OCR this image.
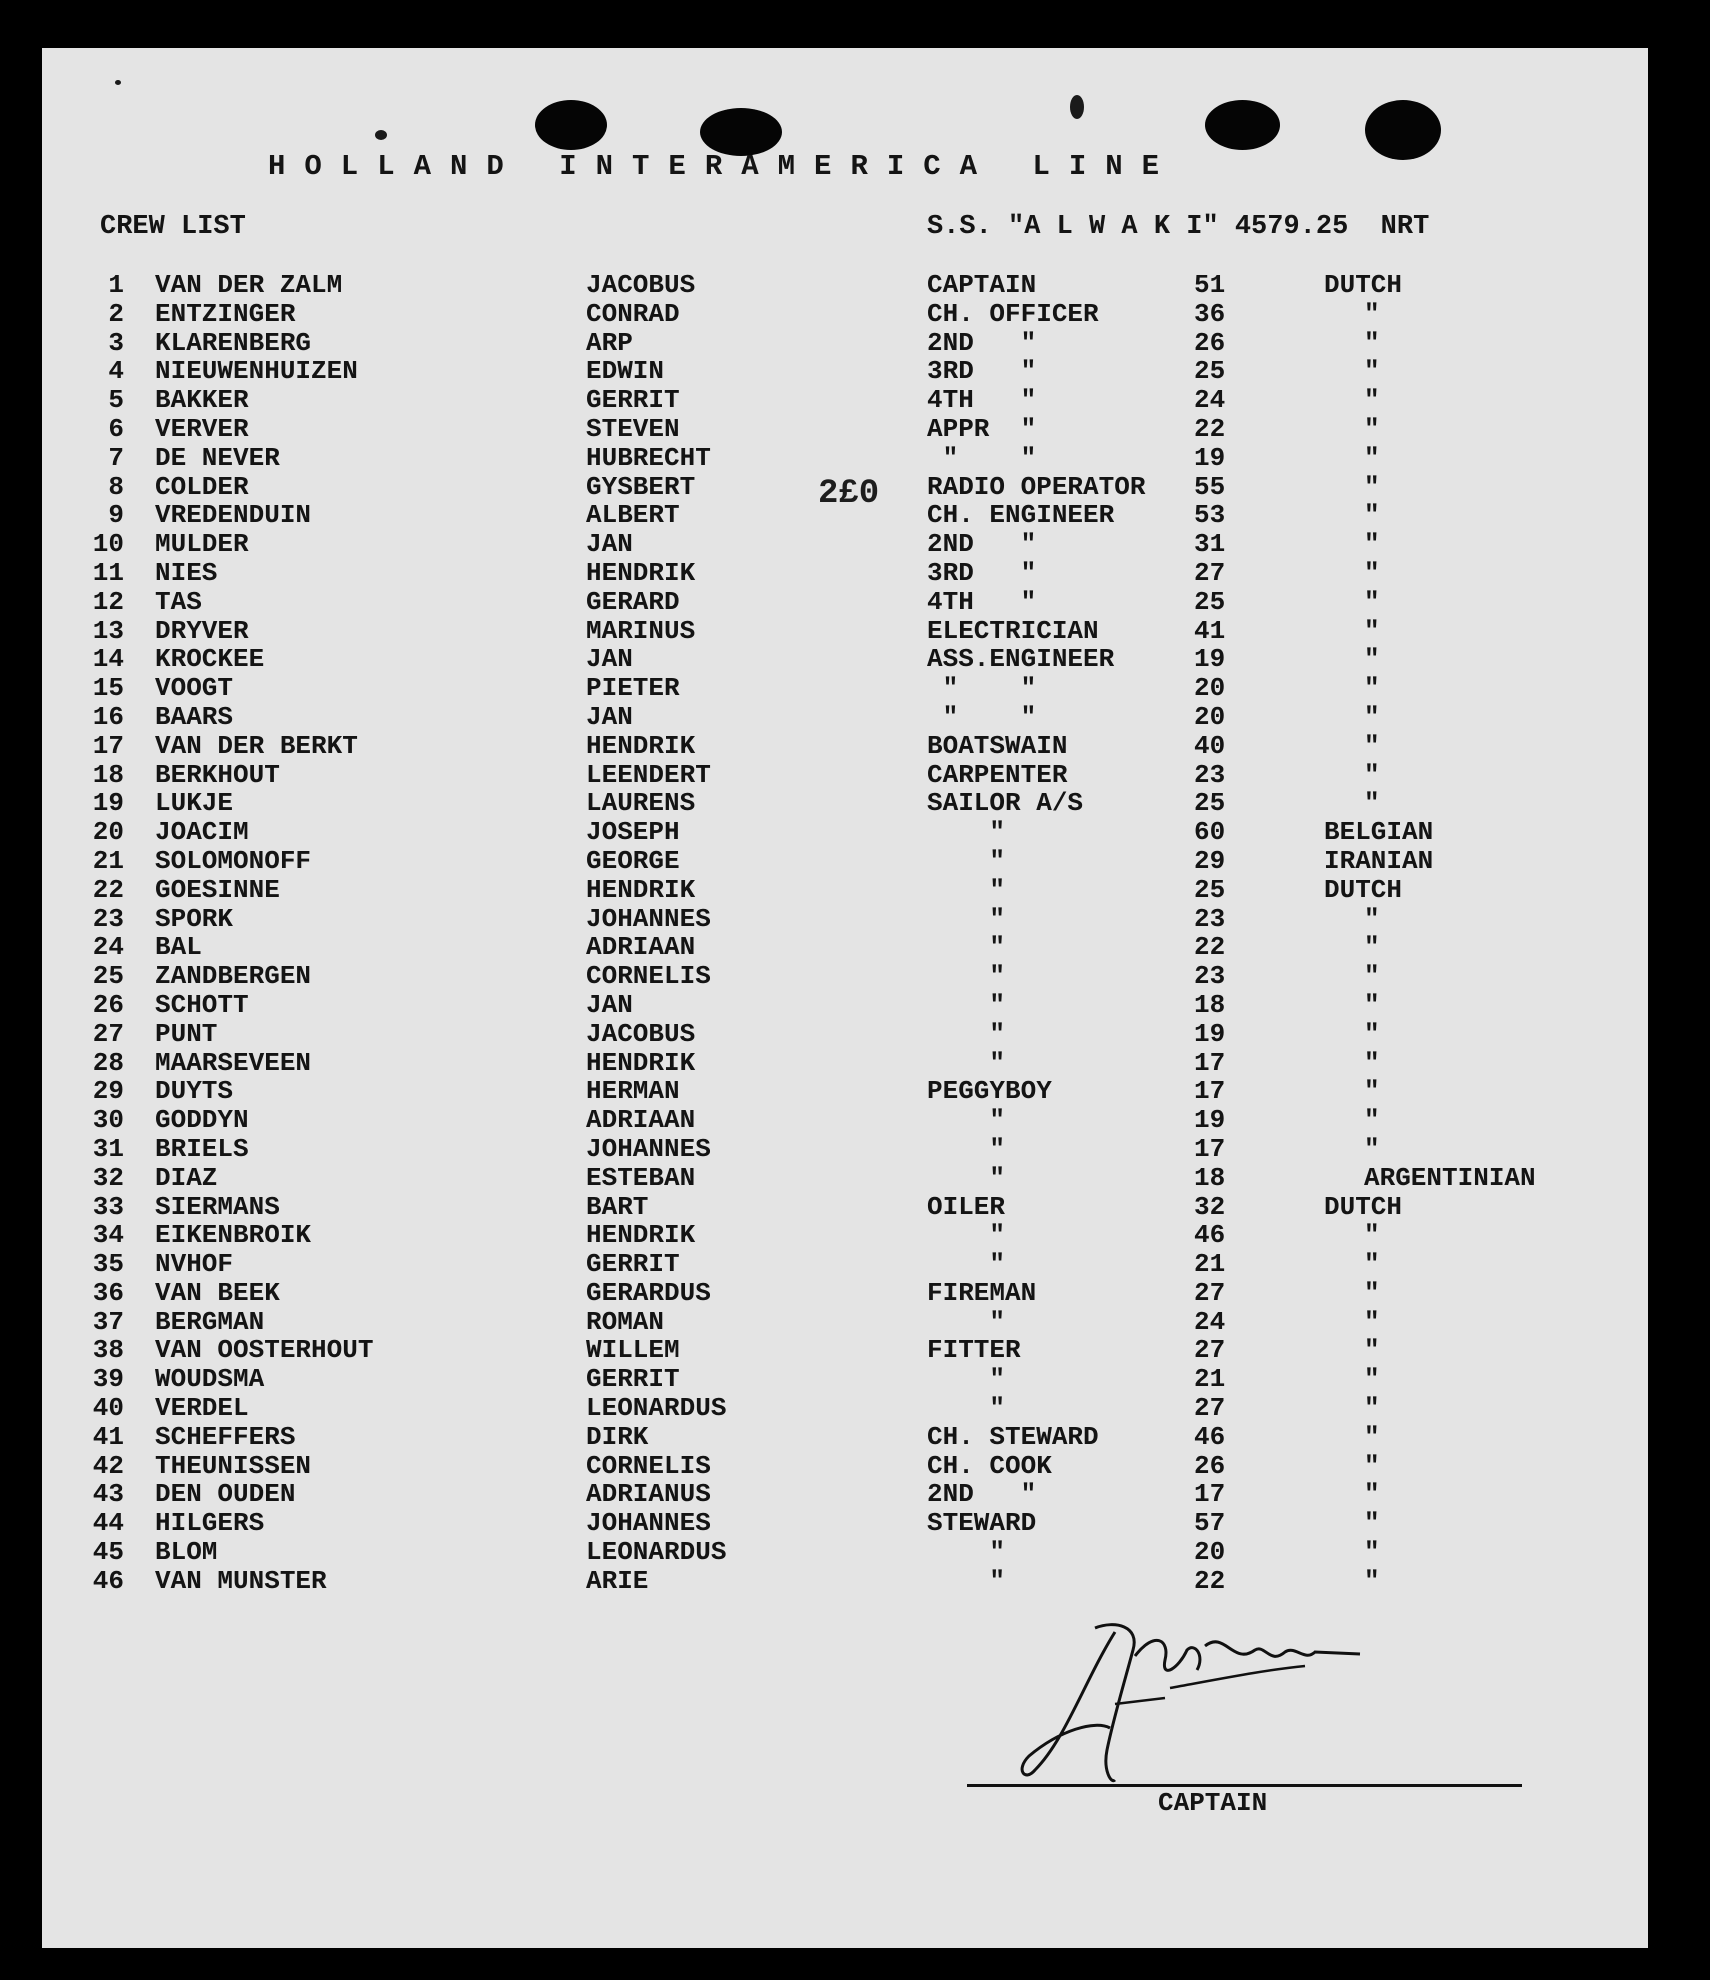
HOLLAND INTERAMERICA LINE
CREW LIST	S.S. "A L W A K I" 4579.25  NRT
2£0
1 VAN DER ZALM	JACOBUS	CAPTAIN	51	DUTCH
2 ENTZINGER	CONRAD	CH. OFFICER	36	"
3 KLARENBERG	ARP	2ND   "	26	"
4 NIEUWENHUIZEN	EDWIN	3RD   "	25	"
5 BAKKER	GERRIT	4TH   "	24	"
6 VERVER	STEVEN	APPR  "	22	"
7 DE NEVER	HUBRECHT	"    "	19	"
8 COLDER	GYSBERT	RADIO OPERATOR 55	"
9 VREDENDUIN	ALBERT	CH. ENGINEER	53	"
10 MULDER	JAN	2ND   "	31	"
11 NIES	HENDRIK	3RD   "	27	"
12 TAS	GERARD	4TH   "	25	"
13 DRYVER	MARINUS	ELECTRICIAN	41	"
14 KROCKEE	JAN	ASS.ENGINEER	19	"
15 VOOGT	PIETER	"    "	20	"
16 BAARS	JAN	"    "	20	"
17 VAN DER BERKT	HENDRIK	BOATSWAIN	40	"
18 BERKHOUT	LEENDERT	CARPENTER	23	"
19 LUKJE	LAURENS	SAILOR A/S	25	"
20 JOACIM	JOSEPH	"	60	BELGIAN
21 SOLOMONOFF	GEORGE	"	29	IRANIAN
22 GOESINNE	HENDRIK	"	25	DUTCH
23 SPORK	JOHANNES	"	23	"
24 BAL	ADRIAAN	"	22	"
25 ZANDBERGEN	CORNELIS	"	23	"
26 SCHOTT	JAN	"	18	"
27 PUNT	JACOBUS	"	19	"
28 MAARSEVEEN	HENDRIK	"	17	"
29 DUYTS	HERMAN	PEGGYBOY	17	"
30 GODDYN	ADRIAAN	"	19	"
31 BRIELS	JOHANNES	"	17	"
32 DIAZ	ESTEBAN	"	18	ARGENTINIAN
33 SIERMANS	BART	OILER	32	DUTCH
34 EIKENBROIK	HENDRIK	"	46	"
35 NVHOF	GERRIT	"	21	"
36 VAN BEEK	GERARDUS	FIREMAN	27	"
37 BERGMAN	ROMAN	"	24	"
38 VAN OOSTERHOUT	WILLEM	FITTER	27	"
39 WOUDSMA	GERRIT	"	21	"
40 VERDEL	LEONARDUS	"	27	"
41 SCHEFFERS	DIRK	CH. STEWARD	46	"
42 THEUNISSEN	CORNELIS	CH. COOK	26	"
43 DEN OUDEN	ADRIANUS	2ND   "	17	"
44 HILGERS	JOHANNES	STEWARD	57	"
45 BLOM	LEONARDUS	"	20	"
46 VAN MUNSTER	ARIE	"	22	"
CAPTAIN
